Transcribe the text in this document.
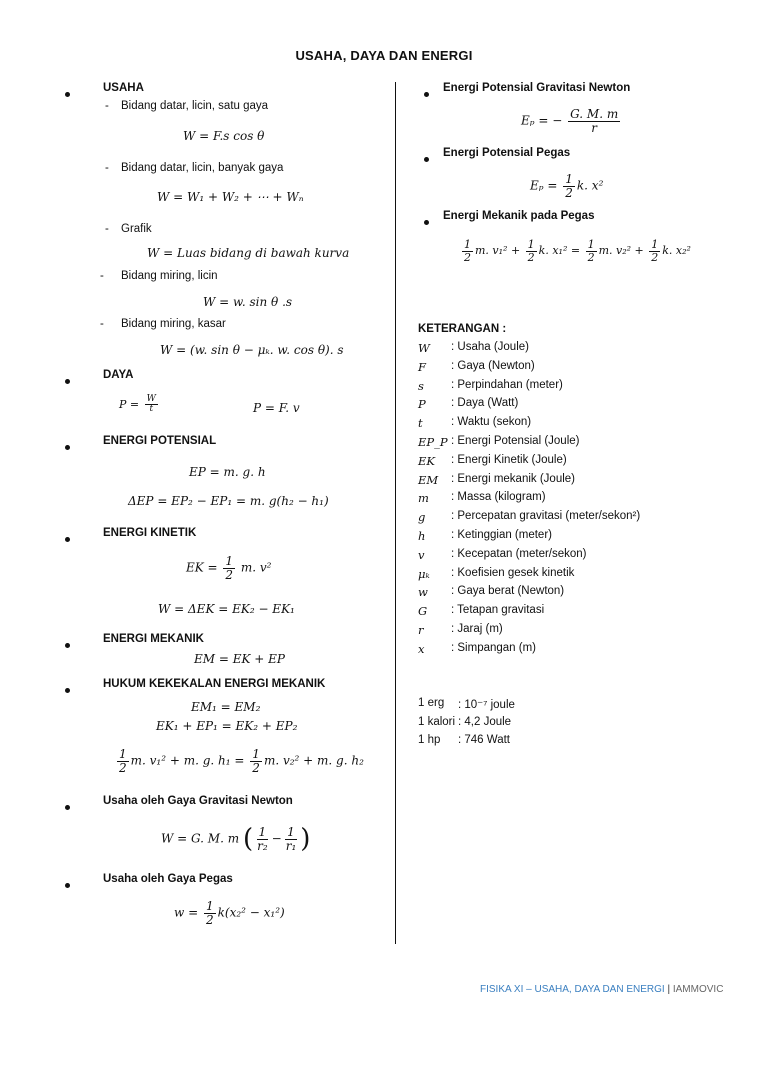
USAHA, DAYA DAN ENERGI
USAHA
- Bidang datar, licin, satu gaya
W = F.s cos θ
- Bidang datar, licin, banyak gaya
W = W₁ + W₂ + ⋯ + Wₙ
- Grafik
W = Luas bidang di bawah kurva
- Bidang miring, licin
W = w. sin θ .s
- Bidang miring, kasar
W = (w. sin θ − μₖ. w. cos θ). s
DAYA
$P = \frac{W}{t}$	P = F. v
ENERGI POTENSIAL
EP = m. g. h
ΔEP = EP₂ − EP₁ = m. g(h₂ − h₁)
ENERGI KINETIK
EK = $\frac{1}{2} m$. v²
W = ΔEK = EK₂ − EK₁
ENERGI MEKANIK
EM = EK + EP
HUKUM KEKEKALAN ENERGI MEKANIK
EM₁ = EM₂
EK₁ + EP₁ = EK₂ + EP₂
$\frac{1}{2} m$. v₁² + m. g. $h_1 = \frac{1}{2} m$. v₂² + m. g. h₂
Usaha oleh Gaya Gravitasi Newton
W = G. M. m ( $\frac{1}{\text{r₂}} - \frac{1}{\text{r₁}}$ )
Usaha oleh Gaya Pegas
$w = \frac{1}{2} k(x_2^2 - x_1^2)$
Energi Potensial Gravitasi Newton
Eₚ = − $\frac{G. M. m}{r}$
Energi Potensial Pegas
$E_p = \frac{1}{2} k$. x²
Energi Mekanik pada Pegas
$\frac{1}{2} m$. $v_1^2 + \frac{1}{2} k$. $x_1^2 = \frac{1}{2} m$. $v_2^2 + \frac{1}{2} k$. x₂²
KETERANGAN :
W : Usaha (Joule)
F : Gaya (Newton)
s : Perpindahan (meter)
P : Daya (Watt)
t : Waktu (sekon)
EP_P : Energi Potensial (Joule)
EK : Energi Kinetik (Joule)
EM : Energi mekanik (Joule)
m : Massa (kilogram)
g : Percepatan gravitasi (meter/sekon²)
h : Ketinggian (meter)
v : Kecepatan (meter/sekon)
μₖ : Koefisien gesek kinetik
w : Gaya berat (Newton)
G : Tetapan gravitasi
r : Jaraj (m)
x : Simpangan (m)
1 erg : 10⁻⁷ joule
1 kalori : 4,2 Joule
1 hp : 746 Watt
FISIKA XI – USAHA, DAYA DAN ENERGI | IAMMOVIC
